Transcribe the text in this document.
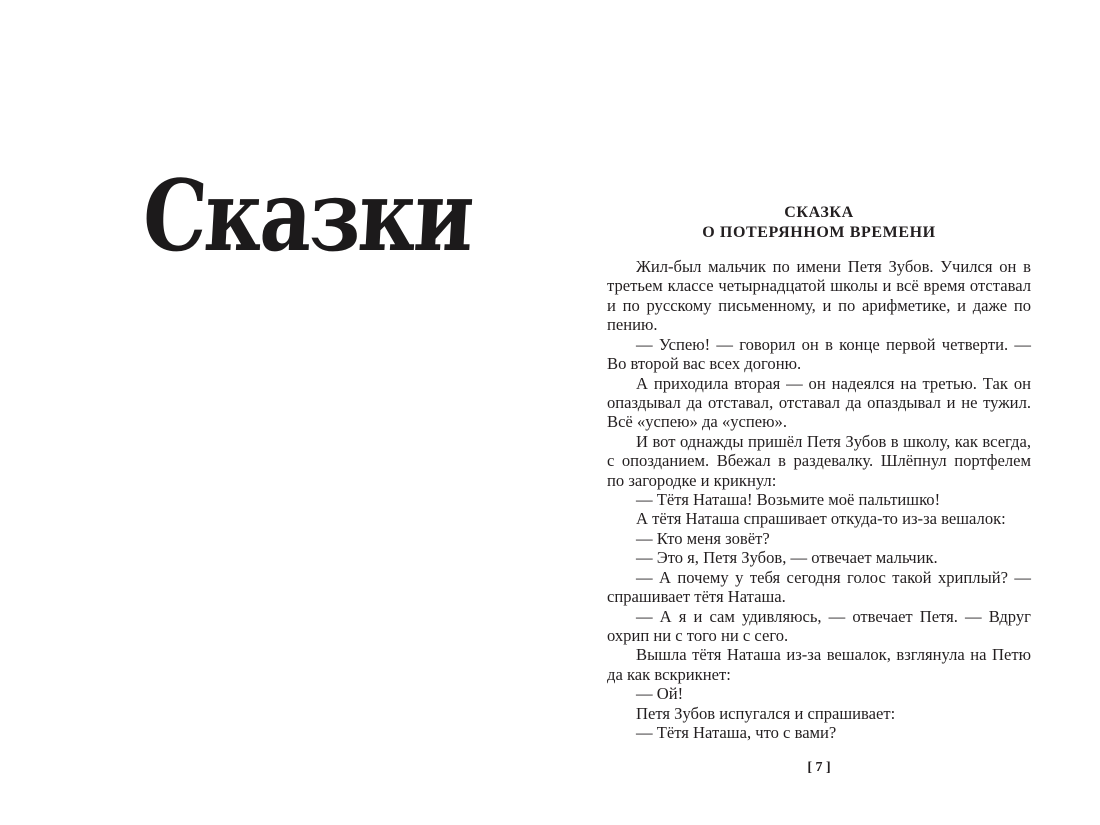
Сказки	СКАЗКА
О ПОТЕРЯННОМ ВРЕМЕНИ

Жил-был мальчик по имени Петя Зубов. Учился он в третьем классе четырнадцатой школы и всё время отставал и по русскому письменному, и по арифметике, и даже по пению.

— Успею! — говорил он в конце первой четверти. — Во второй вас всех догоню.

А приходила вторая — он надеялся на третью. Так он опаздывал да отставал, отставал да опаздывал и не тужил. Всё «успею» да «успею».

И вот однажды пришёл Петя Зубов в школу, как всегда, с опозданием. Вбежал в раздевалку. Шлёпнул портфелем по загородке и крикнул:

— Тётя Наташа! Возьмите моё пальтишко!

А тётя Наташа спрашивает откуда-то из-за вешалок:

— Кто меня зовёт?

— Это я, Петя Зубов, — отвечает мальчик.

— А почему у тебя сегодня голос такой хриплый? — спрашивает тётя Наташа.

— А я и сам удивляюсь, — отвечает Петя. — Вдруг охрип ни с того ни с сего.

Вышла тётя Наташа из-за вешалок, взглянула на Петю да как вскрикнет:

— Ой!

Петя Зубов испугался и спрашивает:

— Тётя Наташа, что с вами?

[ 7 ]
